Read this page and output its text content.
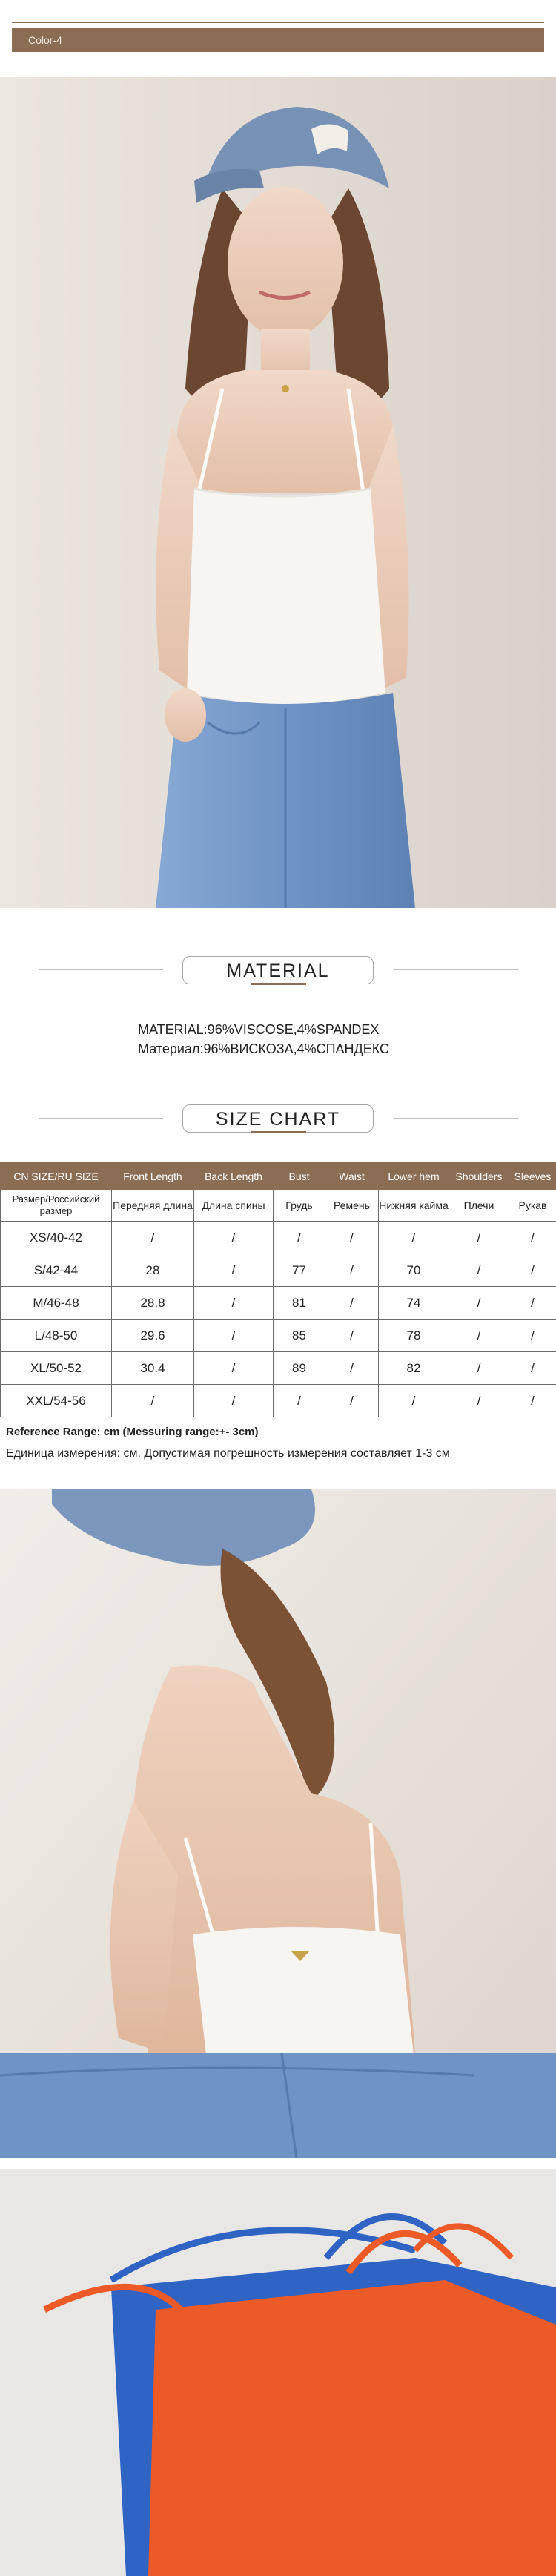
Color-4
MATERIAL
MATERIAL:96%VISCOSE,4%SPANDEX
Материал:96%ВИСКОЗА,4%СПАНДЕКС
SIZE CHART
CN SIZE/RU SIZE	Front Length	Back Length	Bust	Waist	Lower hem	Shoulders	Sleeves
Размер/Российский размер	Передняя длина	Длина спины	Грудь	Ремень	Нижняя кайма	Плечи	Рукав
XS/40-42	/	/	/	/	/	/	/
S/42-44	28	/	77	/	70	/	/
M/46-48	28.8	/	81	/	74	/	/
L/48-50	29.6	/	85	/	78	/	/
XL/50-52	30.4	/	89	/	82	/	/
XXL/54-56	/	/	/	/	/	/	/
Reference Range: cm (Messuring range:+- 3cm)
Единица измерения: см. Допустимая погрешность измерения составляет 1-3 см
